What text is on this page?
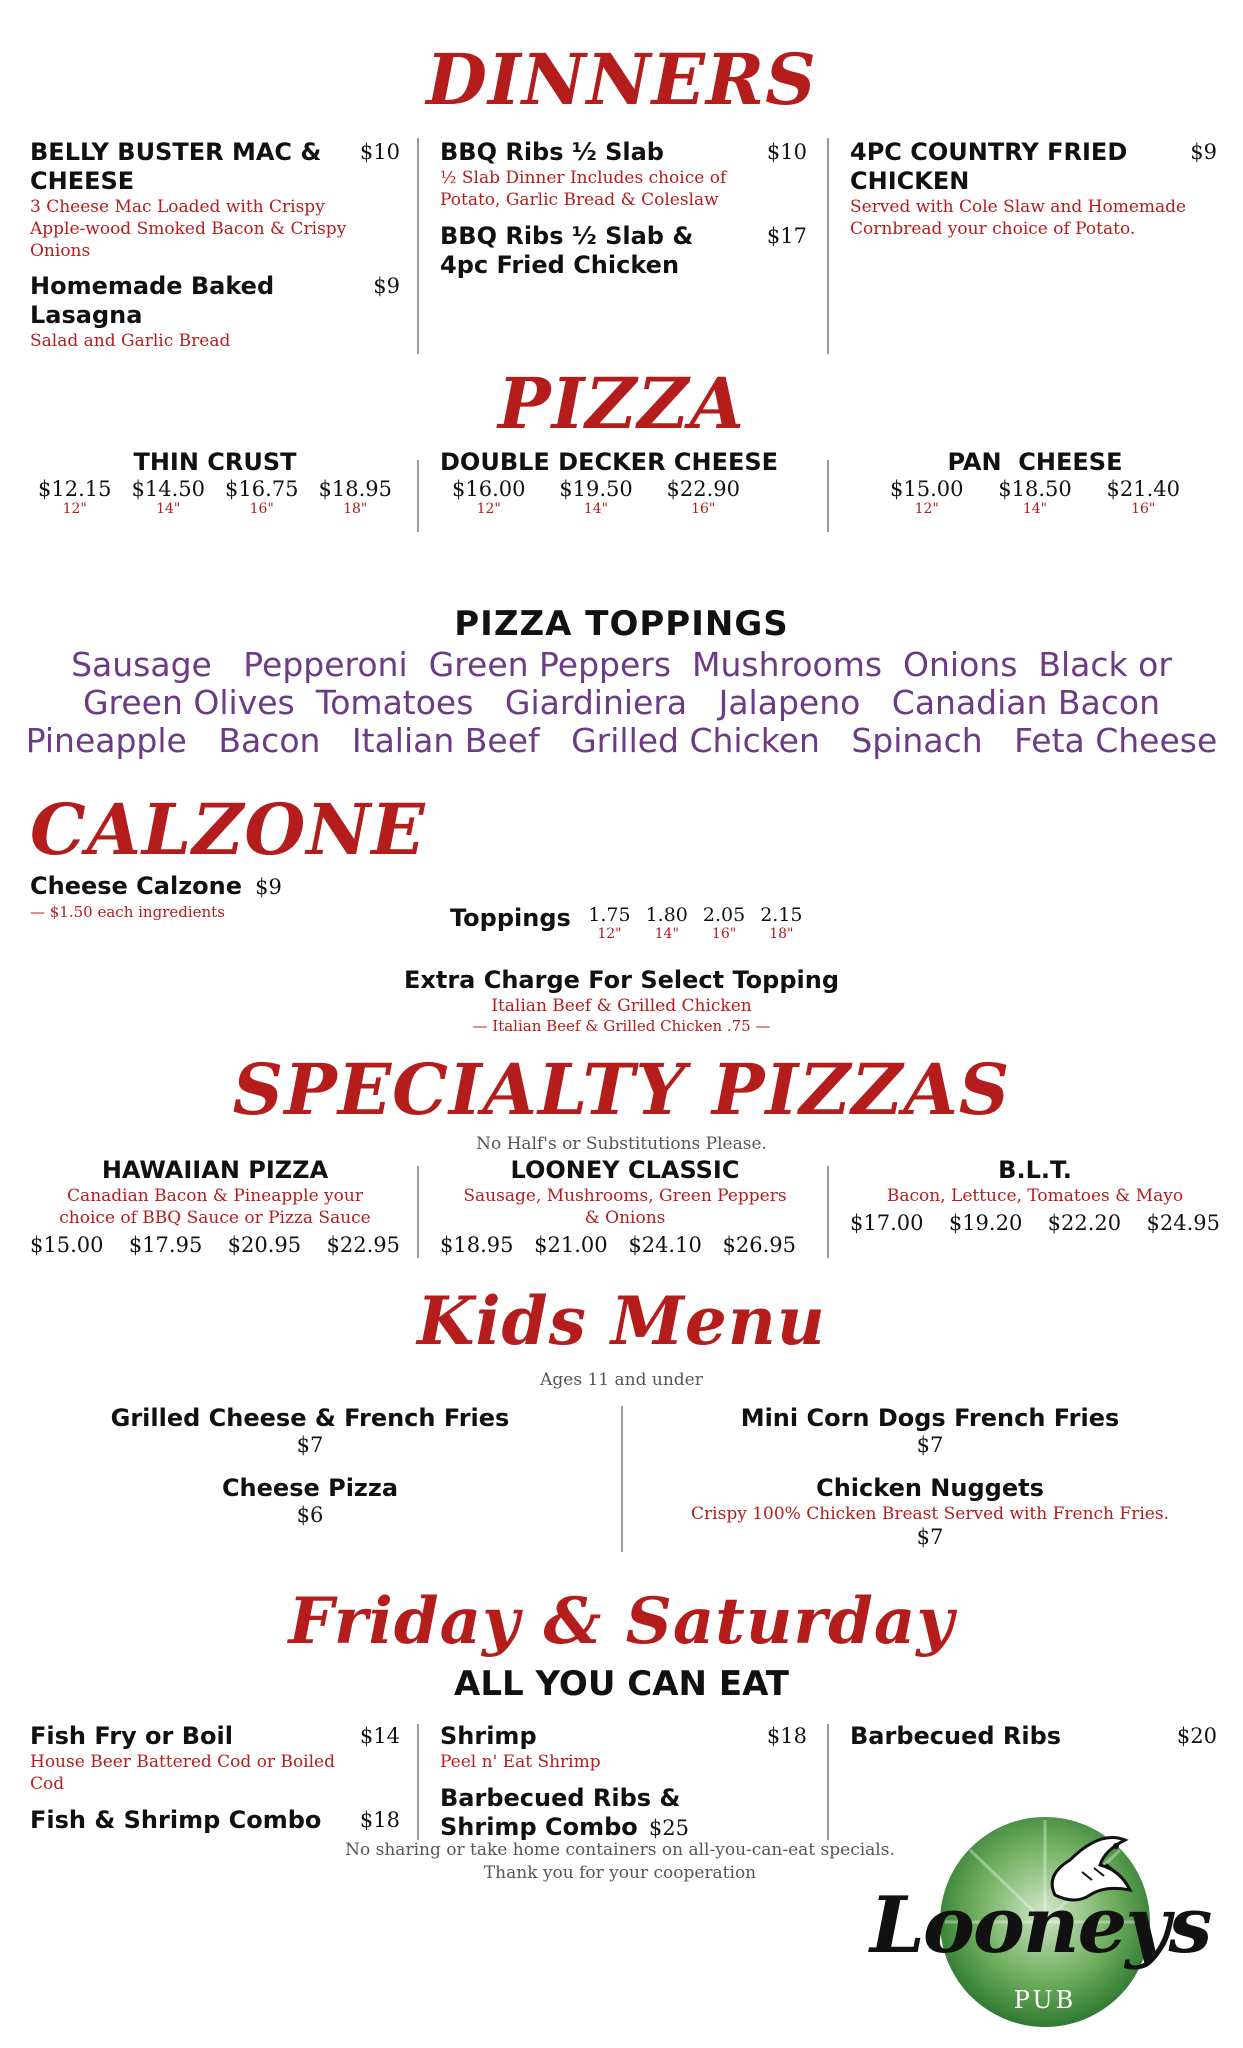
DINNERS
BELLY BUSTER MAC & CHEESE
$10
3 Cheese Mac Loaded with Crispy Apple-wood Smoked Bacon & Crispy Onions
Homemade Baked Lasagna
$9
Salad and Garlic Bread
BBQ Ribs ½ Slab	$10
½ Slab Dinner Includes choice of Potato, Garlic Bread & Coleslaw
BBQ Ribs ½ Slab & 4pc Fried Chicken
$17
4PC COUNTRY FRIED CHICKEN
$9
Served with Cole Slaw and Homemade Cornbread your choice of Potato.
PIZZA
THIN CRUST
$12.15
12"
$14.50
14"
$16.75
16"
$18.95
18"
DOUBLE DECKER CHEESE
$16.00
12"
$19.50
14"
$22.90
16"
PAN  CHEESE
$15.00
12"
$18.50
14"
$21.40
16"
PIZZA TOPPINGS
Sausage   Pepperoni  Green Peppers  Mushrooms  Onions  Black or
Green Olives  Tomatoes   Giardiniera   Jalapeno   Canadian Bacon
Pineapple   Bacon   Italian Beef   Grilled Chicken   Spinach   Feta Cheese
CALZONE
Cheese Calzone $9
— $1.50 each ingredients	Toppings 1.75
12"
1.80
14"
2.05
16"
2.15
18"
Extra Charge For Select Topping
Italian Beef & Grilled Chicken
— Italian Beef & Grilled Chicken .75 —
SPECIALTY PIZZAS
No Half's or Substitutions Please.
HAWAIIAN PIZZA
Canadian Bacon & Pineapple your
choice of BBQ Sauce or Pizza Sauce
$15.00 $17.95 $20.95 $22.95
LOONEY CLASSIC
Sausage, Mushrooms, Green Peppers
& Onions
$18.95 $21.00 $24.10 $26.95
B.L.T.
Bacon, Lettuce, Tomatoes & Mayo
$17.00 $19.20 $22.20 $24.95
Kids Menu
Ages 11 and under
Grilled Cheese & French Fries
$7
Cheese Pizza
$6
Mini Corn Dogs French Fries
$7
Chicken Nuggets
Crispy 100% Chicken Breast Served with French Fries.
$7
Friday & Saturday
ALL YOU CAN EAT
Fish Fry or Boil	$14
House Beer Battered Cod or Boiled Cod
Fish & Shrimp Combo	$18
Shrimp	$18
Peel n' Eat Shrimp
Barbecued Ribs & Shrimp Combo $25
Barbecued Ribs	$20
No sharing or take home containers on all-you-can-eat specials.
Thank you for your cooperation
Looneys
PUB
